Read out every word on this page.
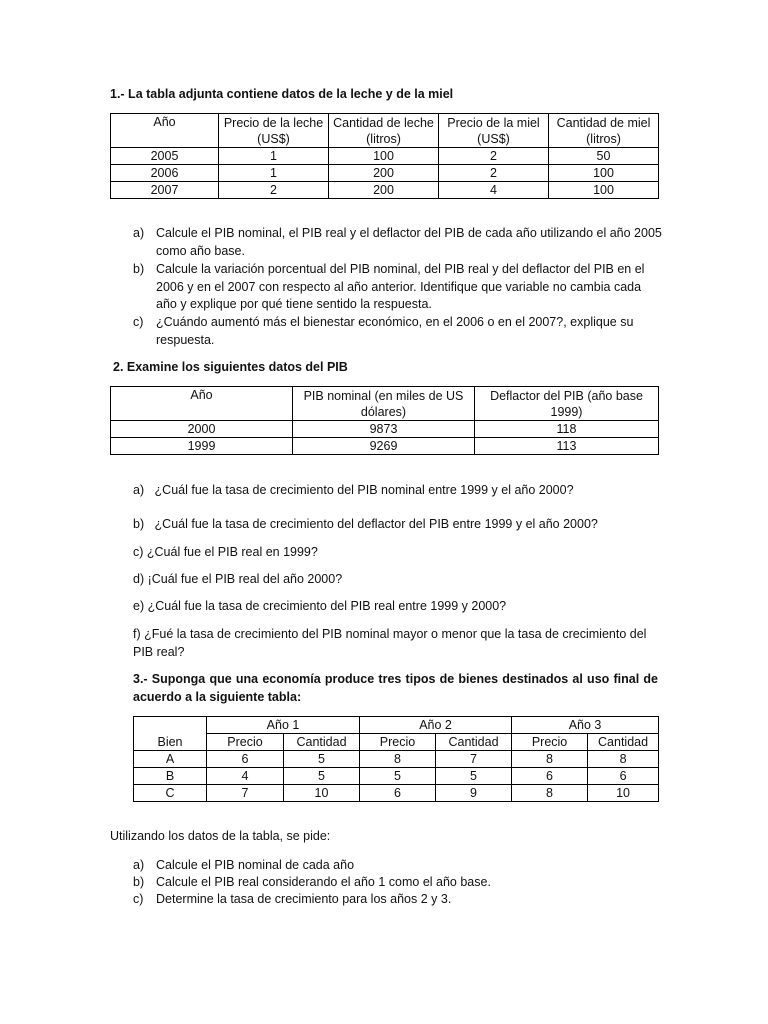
1.- La tabla adjunta contiene datos de la leche y de la miel
Año	Precio de la leche (US$)	Cantidad de leche (litros)	Precio de la miel (US$)	Cantidad de miel (litros)
2005	1	100	2	50
2006	1	200	2	100
2007	2	200	4	100
a) Calcule el PIB nominal, el PIB real y el deflactor del PIB de cada año utilizando el año 2005 como año base.
b) Calcule la variación porcentual del PIB nominal, del PIB real y del deflactor del PIB en el 2006 y en el 2007 con respecto al año anterior. Identifique que variable no cambia cada año y explique por qué tiene sentido la respuesta.
c) ¿Cuándo aumentó más el bienestar económico, en el 2006 o en el 2007?, explique su respuesta.
2. Examine los siguientes datos del PIB
Año	PIB nominal (en miles de US dólares)	Deflactor del PIB (año base 1999)
2000	9873	118
1999	9269	113
a)   ¿Cuál fue la tasa de crecimiento del PIB nominal entre 1999 y el año 2000?
b)   ¿Cuál fue la tasa de crecimiento del deflactor del PIB entre 1999 y el año 2000?
c) ¿Cuál fue el PIB real en 1999?
d) ¡Cuál fue el PIB real del año 2000?
e) ¿Cuál fue la tasa de crecimiento del PIB real entre 1999 y 2000?
f) ¿Fué la tasa de crecimiento del PIB nominal mayor o menor que la tasa de crecimiento del PIB real?
3.- Suponga que una economía produce tres tipos de bienes destinados al uso final de acuerdo a la siguiente tabla:
	Año 1		Año 2		Año 3	
Bien	Precio	Cantidad	Precio	Cantidad	Precio	Cantidad
A	6	5	8	7	8	8
B	4	5	5	5	6	6
C	7	10	6	9	8	10
Utilizando los datos de la tabla, se pide:
a) Calcule el PIB nominal de cada año
b) Calcule el PIB real considerando el año 1 como el año base.
c) Determine la tasa de crecimiento para los años 2 y 3.
